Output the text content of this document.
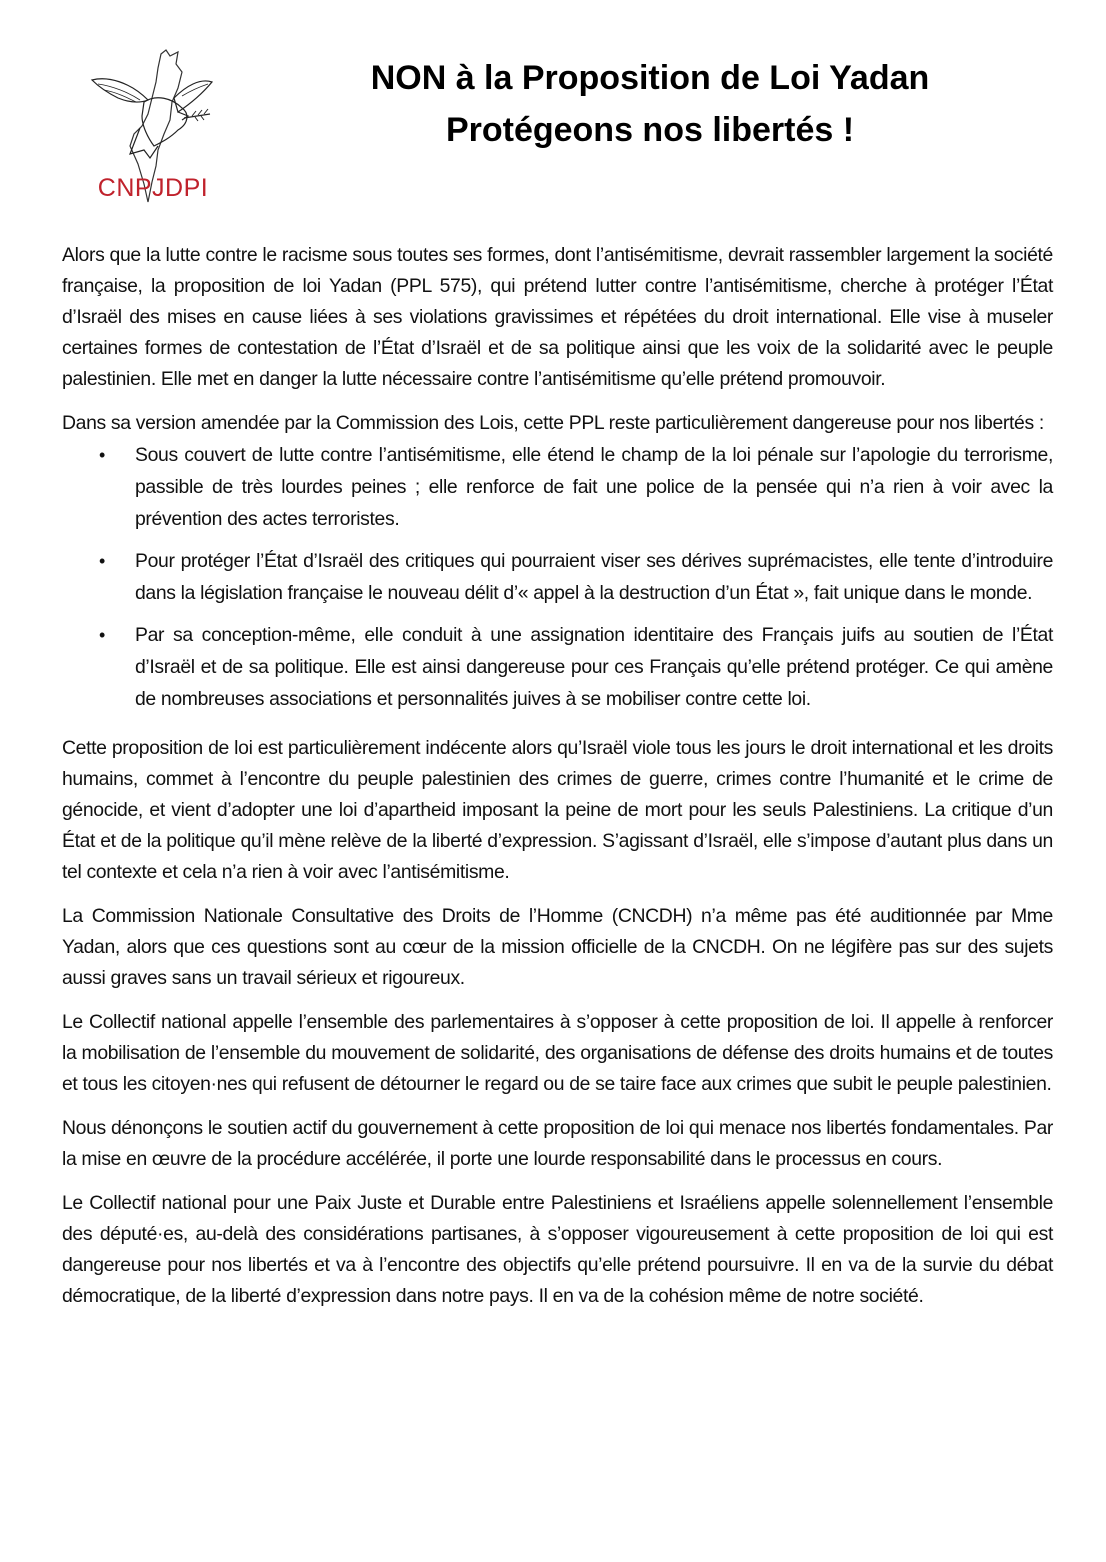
CNPJDPI
NON à la Proposition de Loi Yadan
Protégeons nos libertés !

Alors que la lutte contre le racisme sous toutes ses formes, dont l’antisémitisme, devrait rassembler largement la société française, la proposition de loi Yadan (PPL 575), qui prétend lutter contre l’antisémitisme, cherche à protéger l’État d’Israël des mises en cause liées à ses violations gravissimes et répétées du droit international. Elle vise à museler certaines formes de contestation de l’État d’Israël et de sa politique ainsi que les voix de la solidarité avec le peuple palestinien. Elle met en danger la lutte nécessaire contre l’antisémitisme qu’elle prétend promouvoir.

Dans sa version amendée par la Commission des Lois, cette PPL reste particulièrement dangereuse pour nos libertés :

• Sous couvert de lutte contre l’antisémitisme, elle étend le champ de la loi pénale sur l’apologie du terrorisme, passible de très lourdes peines ; elle renforce de fait une police de la pensée qui n’a rien à voir avec la prévention des actes terroristes.
• Pour protéger l’État d’Israël des critiques qui pourraient viser ses dérives suprémacistes, elle tente d’introduire dans la législation française le nouveau délit d’« appel à la destruction d’un État », fait unique dans le monde.
• Par sa conception-même, elle conduit à une assignation identitaire des Français juifs au soutien de l’État d’Israël et de sa politique. Elle est ainsi dangereuse pour ces Français qu’elle prétend protéger. Ce qui amène de nombreuses associations et personnalités juives à se mobiliser contre cette loi.

Cette proposition de loi est particulièrement indécente alors qu’Israël viole tous les jours le droit international et les droits humains, commet à l’encontre du peuple palestinien des crimes de guerre, crimes contre l’humanité et le crime de génocide, et vient d’adopter une loi d’apartheid imposant la peine de mort pour les seuls Palestiniens. La critique d’un État et de la politique qu’il mène relève de la liberté d’expression. S’agissant d’Israël, elle s’impose d’autant plus dans un tel contexte et cela n’a rien à voir avec l’antisémitisme.

La Commission Nationale Consultative des Droits de l’Homme (CNCDH) n’a même pas été auditionnée par Mme Yadan, alors que ces questions sont au cœur de la mission officielle de la CNCDH. On ne légifère pas sur des sujets aussi graves sans un travail sérieux et rigoureux.

Le Collectif national appelle l’ensemble des parlementaires à s’opposer à cette proposition de loi. Il appelle à renforcer la mobilisation de l’ensemble du mouvement de solidarité, des organisations de défense des droits humains et de toutes et tous les citoyen·nes qui refusent de détourner le regard ou de se taire face aux crimes que subit le peuple palestinien.

Nous dénonçons le soutien actif du gouvernement à cette proposition de loi qui menace nos libertés fondamentales. Par la mise en œuvre de la procédure accélérée, il porte une lourde responsabilité dans le processus en cours.

Le Collectif national pour une Paix Juste et Durable entre Palestiniens et Israéliens appelle solennellement l’ensemble des député·es, au-delà des considérations partisanes, à s’opposer vigoureusement à cette proposition de loi qui est dangereuse pour nos libertés et va à l’encontre des objectifs qu’elle prétend poursuivre. Il en va de la survie du débat démocratique, de la liberté d’expression dans notre pays. Il en va de la cohésion même de notre société.
